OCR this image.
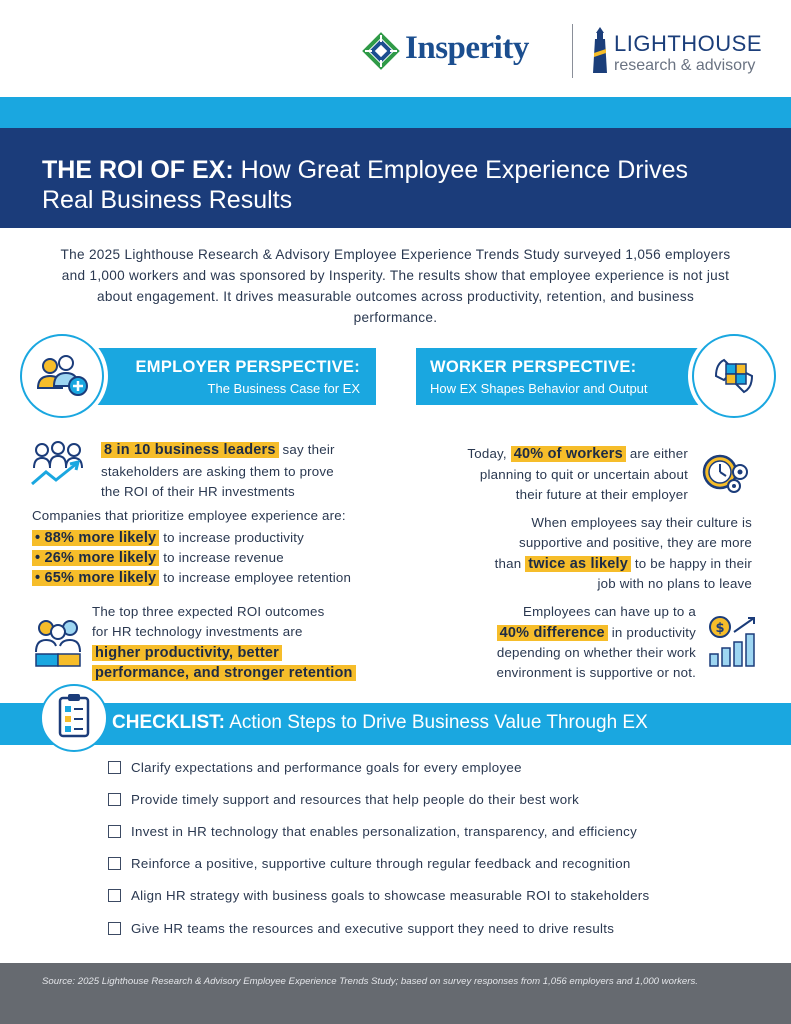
Insperity	LIGHTHOUSE
research & advisory
THE ROI OF EX: How Great Employee Experience Drives Real Business Results
The 2025 Lighthouse Research & Advisory Employee Experience Trends Study surveyed 1,056 employers and 1,000 workers and was sponsored by Insperity. The results show that employee experience is not just about engagement. It drives measurable outcomes across productivity, retention, and business performance.
EMPLOYER PERSPECTIVE:
The Business Case for EX
WORKER PERSPECTIVE:
How EX Shapes Behavior and Output
8 in 10 business leaders say their
stakeholders are asking them to prove
the ROI of their HR investments
Companies that prioritize employee experience are:
• 88% more likely to increase productivity
• 26% more likely to increase revenue
• 65% more likely to increase employee retention
The top three expected ROI outcomes
for HR technology investments are
higher productivity, better
performance, and stronger retention
Today, 40% of workers are either
planning to quit or uncertain about
their future at their employer
When employees say their culture is
supportive and positive, they are more
than twice as likely to be happy in their
job with no plans to leave
Employees can have up to a
40% difference in productivity
depending on whether their work
environment is supportive or not.
$
CHECKLIST: Action Steps to Drive Business Value Through EX
Clarify expectations and performance goals for every employee
Provide timely support and resources that help people do their best work
Invest in HR technology that enables personalization, transparency, and efficiency
Reinforce a positive, supportive culture through regular feedback and recognition
Align HR strategy with business goals to showcase measurable ROI to stakeholders
Give HR teams the resources and executive support they need to drive results
Source: 2025 Lighthouse Research & Advisory Employee Experience Trends Study; based on survey responses from 1,056 employers and 1,000 workers.
